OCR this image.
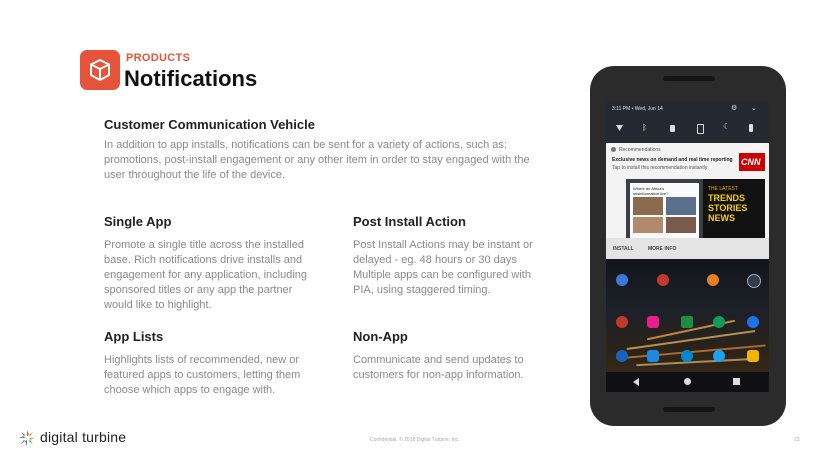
PRODUCTS
Notifications
Customer Communication Vehicle
In addition to app installs, notifications can be sent for a variety of actions, such as: promotions, post-install engagement or any other item in order to stay engaged with the user throughout the life of the device.
Single App
Promote a single title across the installed base. Rich notifications drive installs and engagement for any application, including sponsored titles or any app the partner would like to highlight.
Post Install Action
Post Install Actions may be instant or delayed - eg. 48 hours or 30 days Multiple apps can be configured with PIA, using staggered timing.
App Lists
Highlights lists of recommended, new or featured apps to customers, letting them choose which apps to engage with.
Non-App
Communicate and send updates to customers for non-app information.
3:11 PM • Wed, Jun 14	⚙ ⌄
ᛒ	☾
Recommendations
Exclusive news on demand and real time reporting
Tap to install this recommendation instantly
CNN
Where do Africa's
misinformation live?
THE LATEST
TRENDS
STORIES
NEWS
INSTALL	MORE INFO
digital turbine	Confidential. © 2018 Digital Turbine, Inc.	23
